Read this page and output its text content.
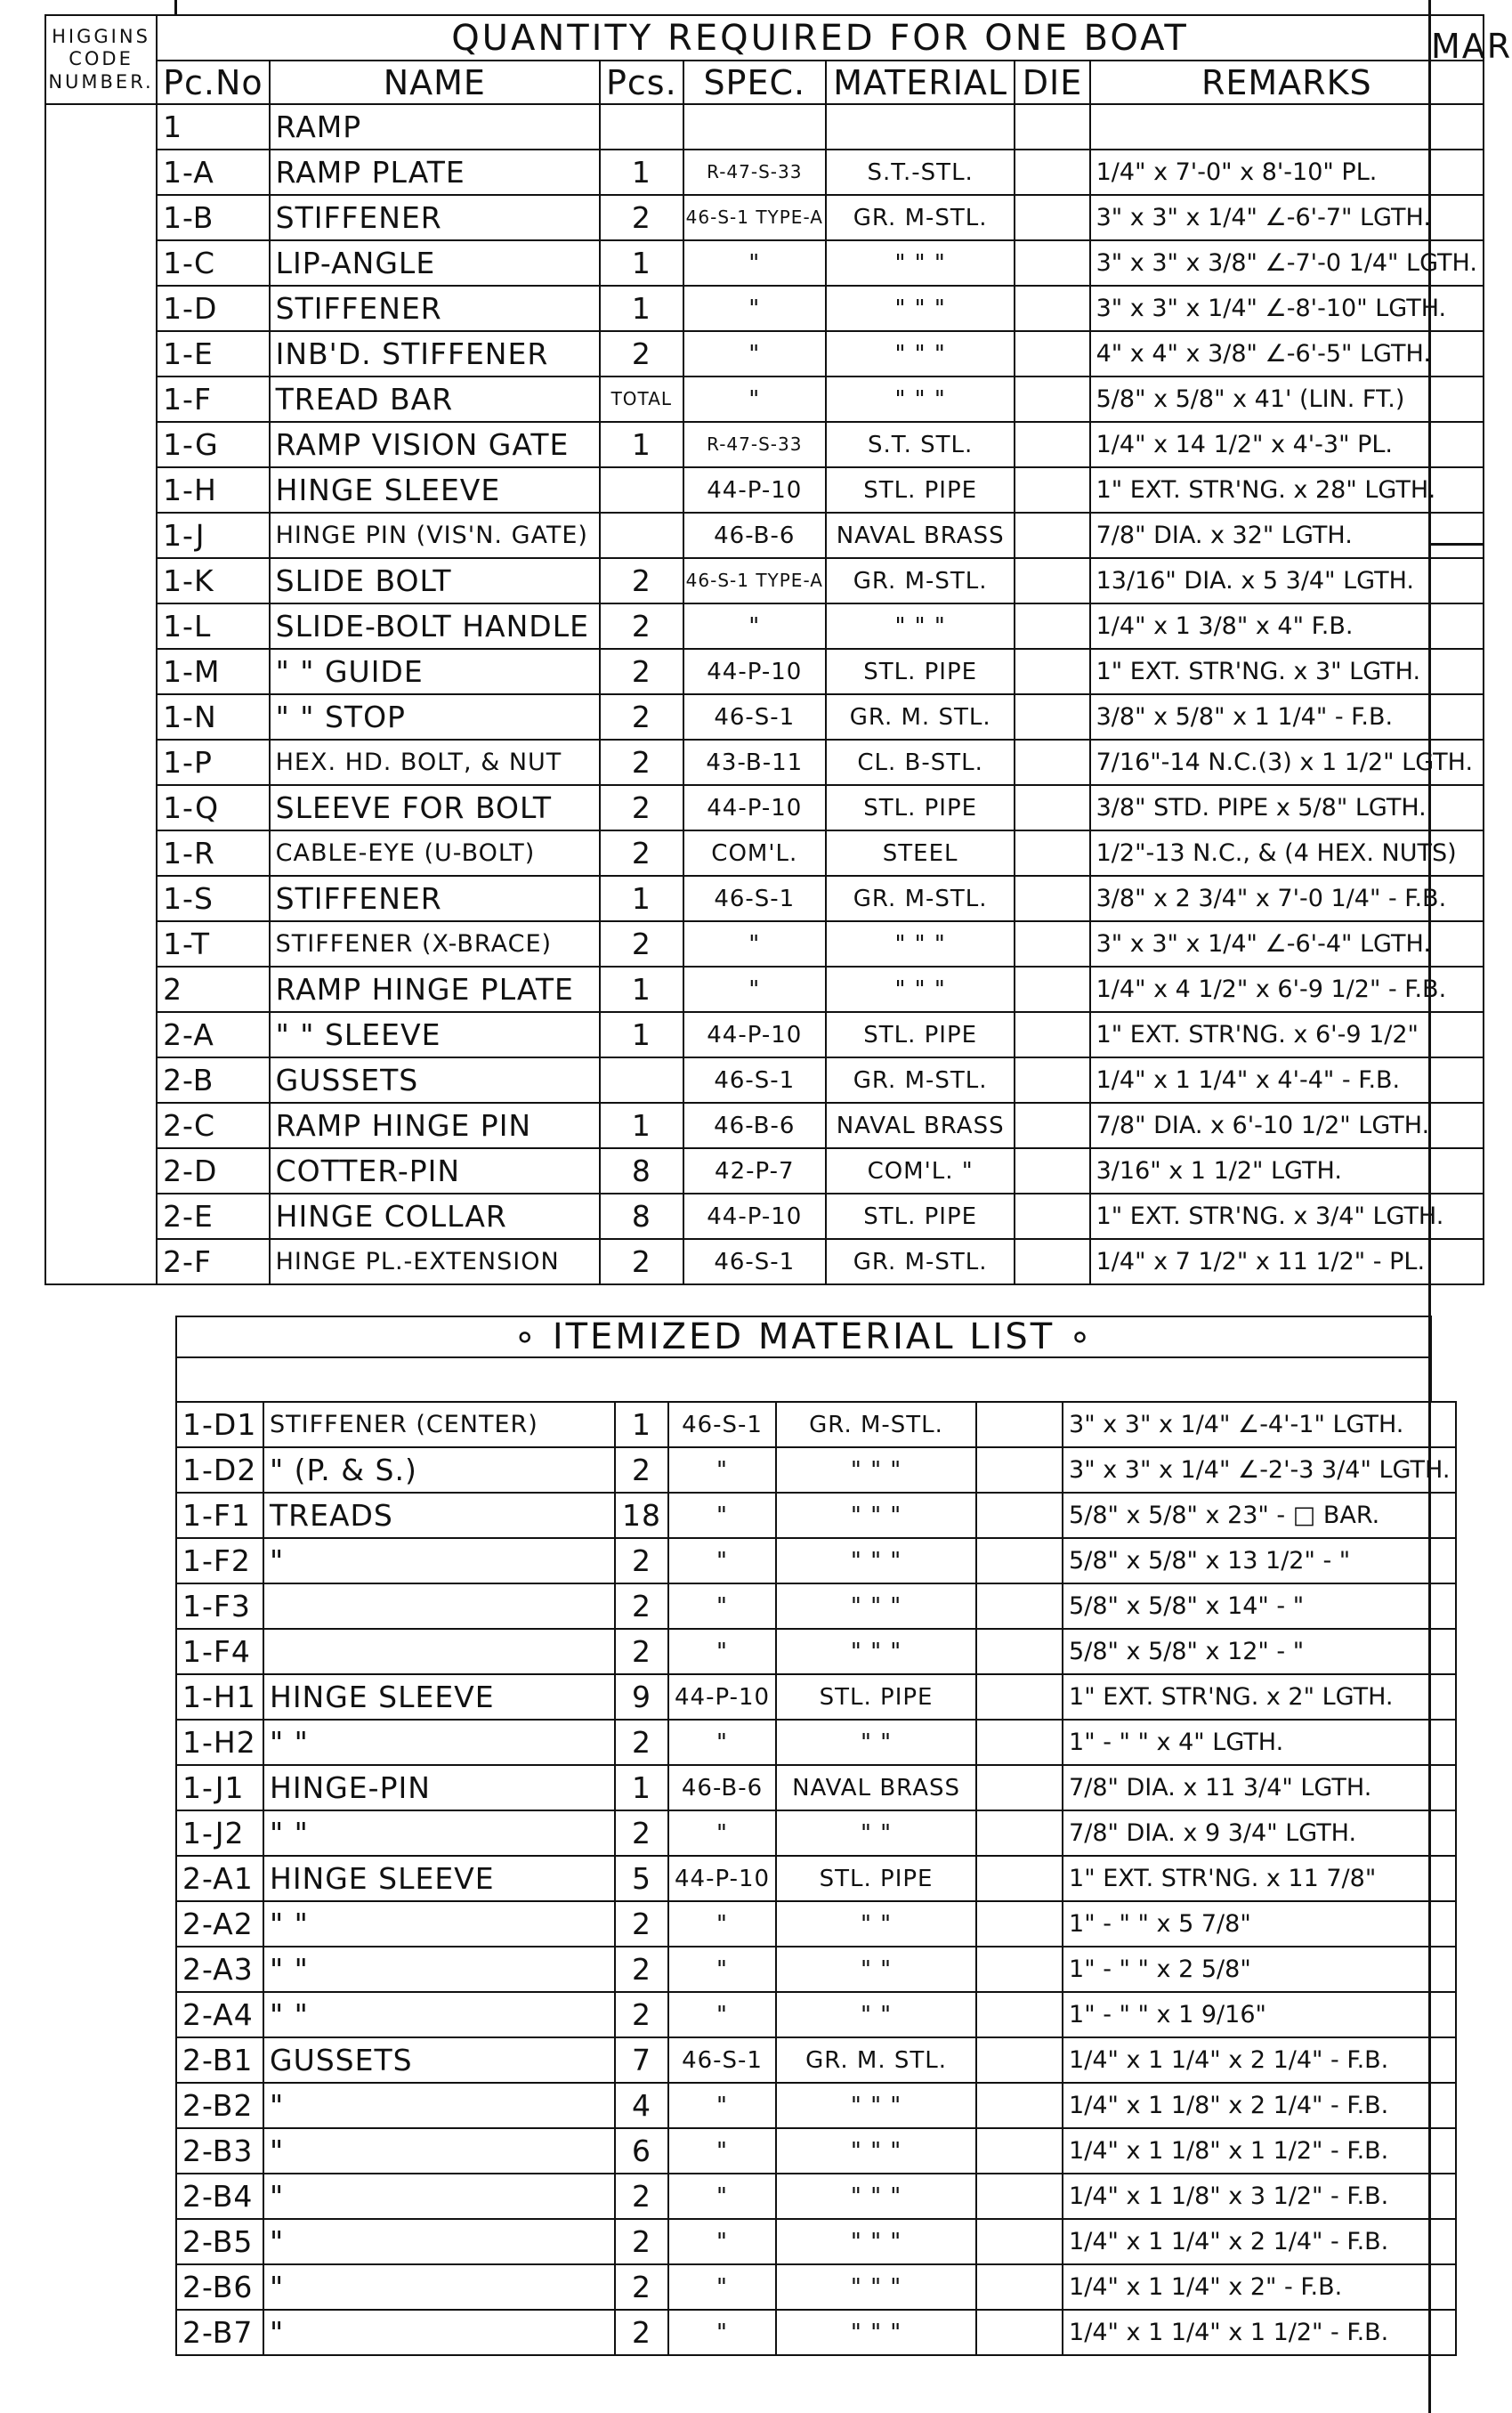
MAR
HIGGINS
CODE
NUMBER.	QUANTITY REQUIRED FOR ONE BOAT						
	Pc.No	NAME	Pcs.	SPEC.	MATERIAL	DIE	REMARKS
	1	RAMP					
	1-A	RAMP PLATE	1	R-47-S-33	S.T.-STL.		1/4" x 7'-0" x 8'-10" PL.
	1-B	STIFFENER	2	46-S-1 TYPE-A	GR. M-STL.		3" x 3" x 1/4" ∠-6'-7" LGTH.
	1-C	LIP-ANGLE	1	"	" " "		3" x 3" x 3/8" ∠-7'-0 1/4" LGTH.
	1-D	STIFFENER	1	"	" " "		3" x 3" x 1/4" ∠-8'-10" LGTH.
	1-E	INB'D. STIFFENER	2	"	" " "		4" x 4" x 3/8" ∠-6'-5" LGTH.
	1-F	TREAD BAR	TOTAL	"	" " "		5/8" x 5/8" x 41' (LIN. FT.)
	1-G	RAMP VISION GATE	1	R-47-S-33	S.T. STL.		1/4" x 14 1/2" x 4'-3" PL.
	1-H	HINGE SLEEVE		44-P-10	STL. PIPE		1" EXT. STR'NG. x 28" LGTH.
	1-J	HINGE PIN (VIS'N. GATE)		46-B-6	NAVAL BRASS		7/8" DIA. x 32" LGTH.
	1-K	SLIDE BOLT	2	46-S-1 TYPE-A	GR. M-STL.		13/16" DIA. x 5 3/4" LGTH.
	1-L	SLIDE-BOLT HANDLE	2	"	" " "		1/4" x 1 3/8" x 4" F.B.
	1-M	" " GUIDE	2	44-P-10	STL. PIPE		1" EXT. STR'NG. x 3" LGTH.
	1-N	" " STOP	2	46-S-1	GR. M. STL.		3/8" x 5/8" x 1 1/4" - F.B.
	1-P	HEX. HD. BOLT, & NUT	2	43-B-11	CL. B-STL.		7/16"-14 N.C.(3) x 1 1/2" LGTH.
	1-Q	SLEEVE FOR BOLT	2	44-P-10	STL. PIPE		3/8" STD. PIPE x 5/8" LGTH.
	1-R	CABLE-EYE (U-BOLT)	2	COM'L.	STEEL		1/2"-13 N.C., & (4 HEX. NUTS)
	1-S	STIFFENER	1	46-S-1	GR. M-STL.		3/8" x 2 3/4" x 7'-0 1/4" - F.B.
	1-T	STIFFENER (X-BRACE)	2	"	" " "		3" x 3" x 1/4" ∠-6'-4" LGTH.
	2	RAMP HINGE PLATE	1	"	" " "		1/4" x 4 1/2" x 6'-9 1/2" - F.B.
	2-A	" " SLEEVE	1	44-P-10	STL. PIPE		1" EXT. STR'NG. x 6'-9 1/2"
	2-B	GUSSETS		46-S-1	GR. M-STL.		1/4" x 1 1/4" x 4'-4" - F.B.
	2-C	RAMP HINGE PIN	1	46-B-6	NAVAL BRASS		7/8" DIA. x 6'-10 1/2" LGTH.
	2-D	COTTER-PIN	8	42-P-7	COM'L. "		3/16" x 1 1/2" LGTH.
	2-E	HINGE COLLAR	8	44-P-10	STL. PIPE		1" EXT. STR'NG. x 3/4" LGTH.
	2-F	HINGE PL.-EXTENSION	2	46-S-1	GR. M-STL.		1/4" x 7 1/2" x 11 1/2" - PL.
∘ ITEMIZED MATERIAL LIST ∘
1-D1	STIFFENER (CENTER)	1	46-S-1	GR. M-STL.		3" x 3" x 1/4" ∠-4'-1" LGTH.
1-D2	" (P. & S.)	2	"	" " "		3" x 3" x 1/4" ∠-2'-3 3/4" LGTH.
1-F1	TREADS	18	"	" " "		5/8" x 5/8" x 23" - □ BAR.
1-F2	"	2	"	" " "		5/8" x 5/8" x 13 1/2" - "
1-F3		2	"	" " "		5/8" x 5/8" x 14" - "
1-F4		2	"	" " "		5/8" x 5/8" x 12" - "
1-H1	HINGE SLEEVE	9	44-P-10	STL. PIPE		1" EXT. STR'NG. x 2" LGTH.
1-H2	" "	2	"	" "		1" - " " x 4" LGTH.
1-J1	HINGE-PIN	1	46-B-6	NAVAL BRASS		7/8" DIA. x 11 3/4" LGTH.
1-J2	" "	2	"	" "		7/8" DIA. x 9 3/4" LGTH.
2-A1	HINGE SLEEVE	5	44-P-10	STL. PIPE		1" EXT. STR'NG. x 11 7/8"
2-A2	" "	2	"	" "		1" - " " x 5 7/8"
2-A3	" "	2	"	" "		1" - " " x 2 5/8"
2-A4	" "	2	"	" "		1" - " " x 1 9/16"
2-B1	GUSSETS	7	46-S-1	GR. M. STL.		1/4" x 1 1/4" x 2 1/4" - F.B.
2-B2	"	4	"	" " "		1/4" x 1 1/8" x 2 1/4" - F.B.
2-B3	"	6	"	" " "		1/4" x 1 1/8" x 1 1/2" - F.B.
2-B4	"	2	"	" " "		1/4" x 1 1/8" x 3 1/2" - F.B.
2-B5	"	2	"	" " "		1/4" x 1 1/4" x 2 1/4" - F.B.
2-B6	"	2	"	" " "		1/4" x 1 1/4" x 2" - F.B.
2-B7	"	2	"	" " "		1/4" x 1 1/4" x 1 1/2" - F.B.
